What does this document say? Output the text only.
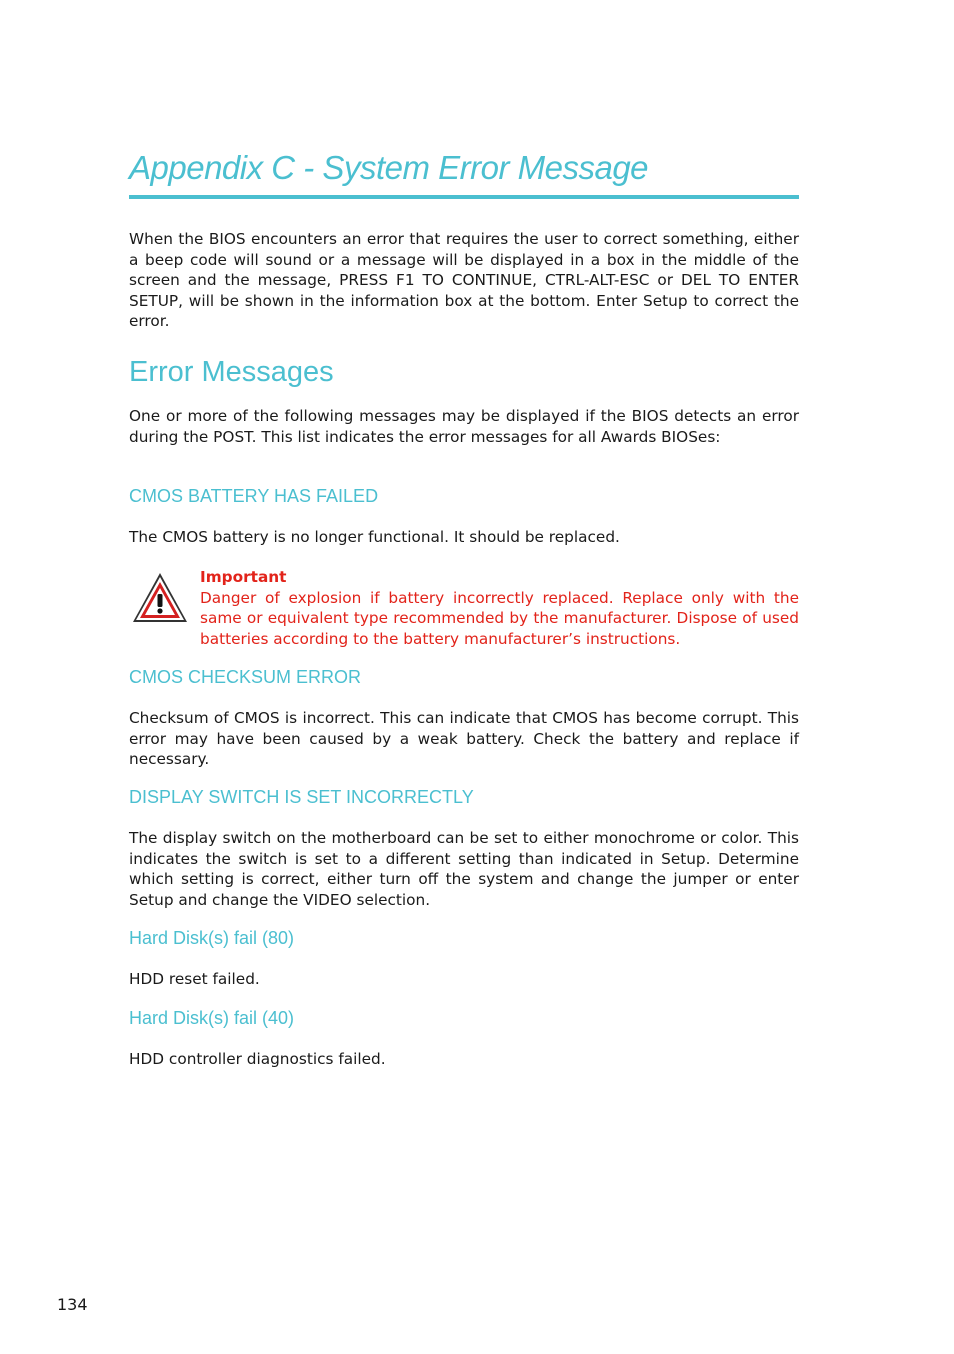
Appendix C - System Error Message

When the BIOS encounters an error that requires the user to correct something, either a beep code will sound or a message will be displayed in a box in the middle of the screen and the message, PRESS F1 TO CONTINUE, CTRL-ALT-ESC or DEL TO ENTER SETUP, will be shown in the information box at the bottom. Enter Setup to correct the error.

Error Messages

One or more of the following messages may be displayed if the BIOS detects an error during the POST. This list indicates the error messages for all Awards BIOSes:

CMOS BATTERY HAS FAILED

The CMOS battery is no longer functional. It should be replaced.

Important
Danger of explosion if battery incorrectly replaced. Replace only with the same or equivalent type recommended by the manufacturer. Dispose of used batteries according to the battery manufacturer’s instructions.
CMOS CHECKSUM ERROR

Checksum of CMOS is incorrect. This can indicate that CMOS has become corrupt. This error may have been caused by a weak battery. Check the battery and replace if necessary.

DISPLAY SWITCH IS SET INCORRECTLY

The display switch on the motherboard can be set to either monochrome or color. This indicates the switch is set to a different setting than indicated in Setup. Determine which setting is correct, either turn off the system and change the jumper or enter Setup and change the VIDEO selection.

Hard Disk(s) fail (80)

HDD reset failed.

Hard Disk(s) fail (40)

HDD controller diagnostics failed.

134
